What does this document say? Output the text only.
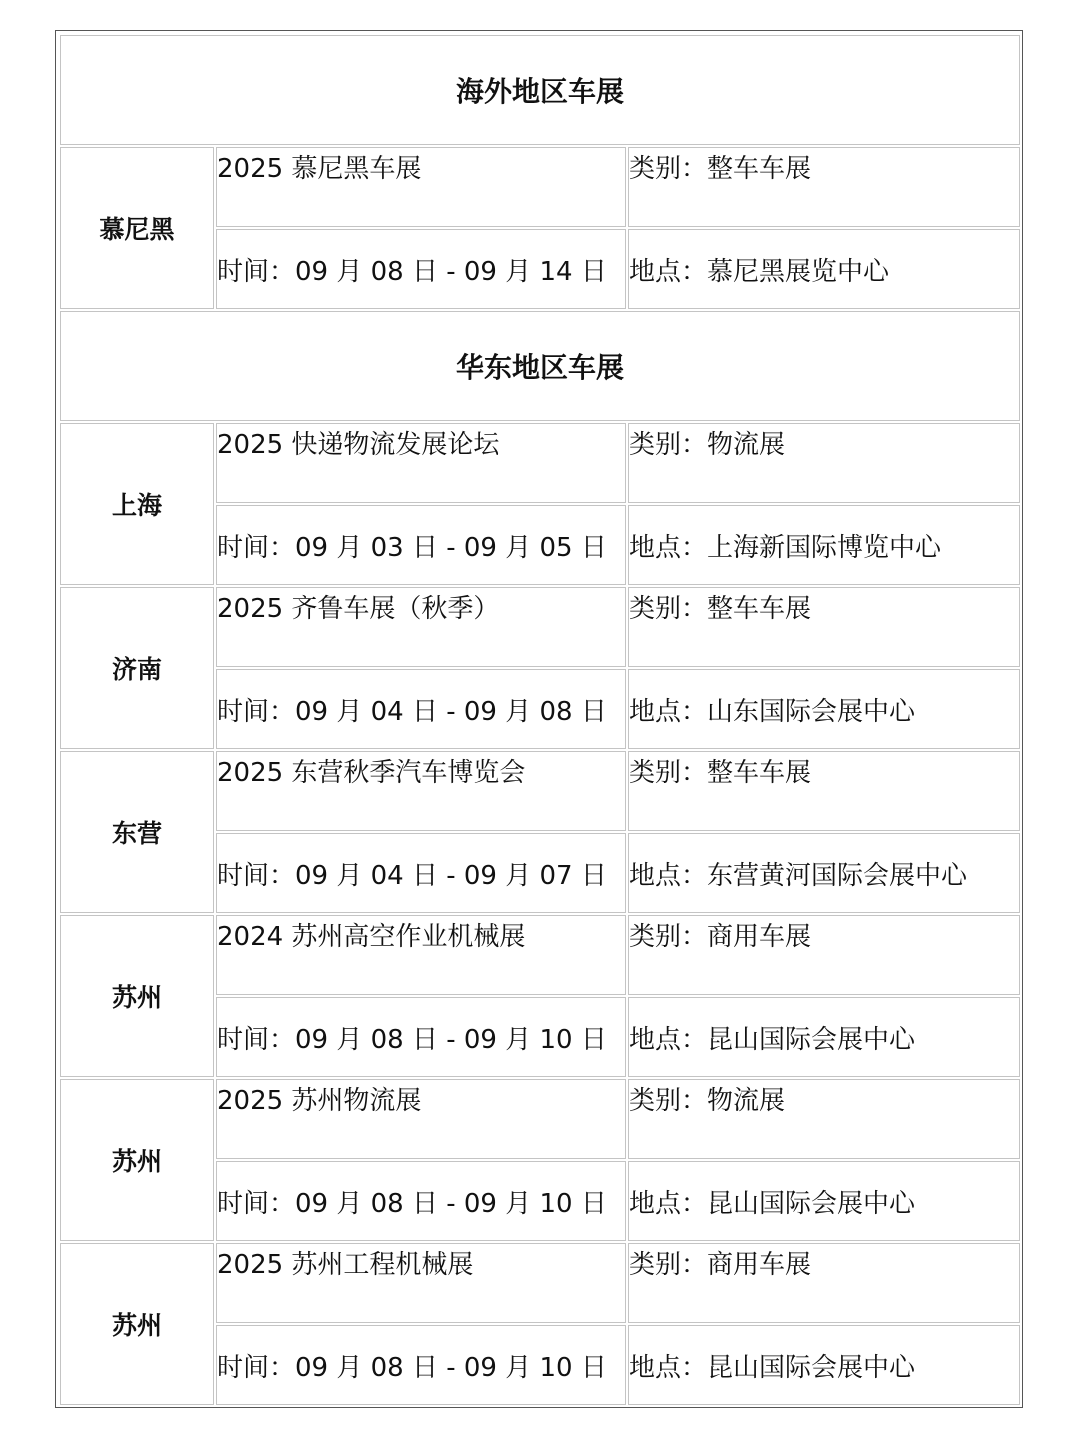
海外地区车展		
慕尼黑	2025 慕尼黑车展	类别：整车车展
	时间：09 月 08 日 - 09 月 14 日	地点：慕尼黑展览中心
华东地区车展		
上海	2025 快递物流发展论坛	类别：物流展
	时间：09 月 03 日 - 09 月 05 日	地点：上海新国际博览中心
济南	2025 齐鲁车展（秋季）	类别：整车车展
	时间：09 月 04 日 - 09 月 08 日	地点：山东国际会展中心
东营	2025 东营秋季汽车博览会	类别：整车车展
	时间：09 月 04 日 - 09 月 07 日	地点：东营黄河国际会展中心
苏州	2024 苏州高空作业机械展	类别：商用车展
	时间：09 月 08 日 - 09 月 10 日	地点：昆山国际会展中心
苏州	2025 苏州物流展	类别：物流展
	时间：09 月 08 日 - 09 月 10 日	地点：昆山国际会展中心
苏州	2025 苏州工程机械展	类别：商用车展
	时间：09 月 08 日 - 09 月 10 日	地点：昆山国际会展中心
